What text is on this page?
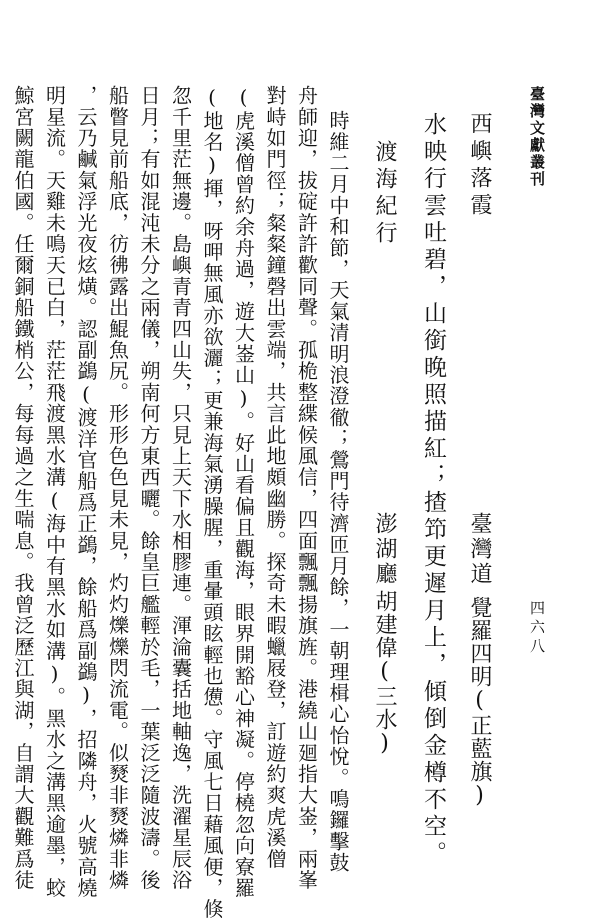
臺灣文獻叢刊
四六八
西嶼落霞
臺灣道
覺羅四明(正藍旗)
水映行雲吐碧，山銜晚照描紅；揸笻更遲月上，傾倒金樽不空。
渡海紀行
澎湖廳
胡建偉(三水)
時維二月中和節，天氣清明浪澄徹；鶯門待濟匝月餘，一朝理楫心怡悅。鳴鑼擊鼓
舟師迎，拔碇許許歡同聲。孤桅整緤候風信，四面飄飄揚旗旌。港繞山廻指大崟，兩峯
對峙如門徑；粲粲鐘磬出雲端，共言此地頗幽勝。探奇未暇蠟屐登，訂遊約爽虎溪僧
(虎溪僧曾約余舟過，遊大崟山)。好山看偏且觀海，眼界開豁心神凝。停橈忽向寮羅
(地名)揮，呀呷無風亦欲灑；更兼海氣湧臊腥，重暈頭眩輕也憊。守風七日藉風便，倏
忽千里茫無邊。島嶼青青四山失，只見上天下水相膠連。渾淪囊括地軸逸，洗濯星辰浴
日月；有如混沌未分之兩儀，朔南何方東西曬。餘皇巨艦輕於毛，一葉泛泛隨波濤。後
船瞥見前船底，彷彿露出鯤魚尻。形形色色見未見，灼灼爍爍閃流電。似燹非燹燐非燐
，云乃鹹氣浮光夜炫熿。認副鷁(渡洋官船爲正鷁，餘船爲副鷁)，招隣舟，火號高燒
明星流。天雞未鳴天已白，茫茫飛渡黑水溝(海中有黑水如溝)。黑水之溝黑逾墨，蛟
鯨宮闕龍伯國。任爾銅船鐵梢公，每每過之生喘息。我曾泛歷江與湖，自謂大觀難爲徒
